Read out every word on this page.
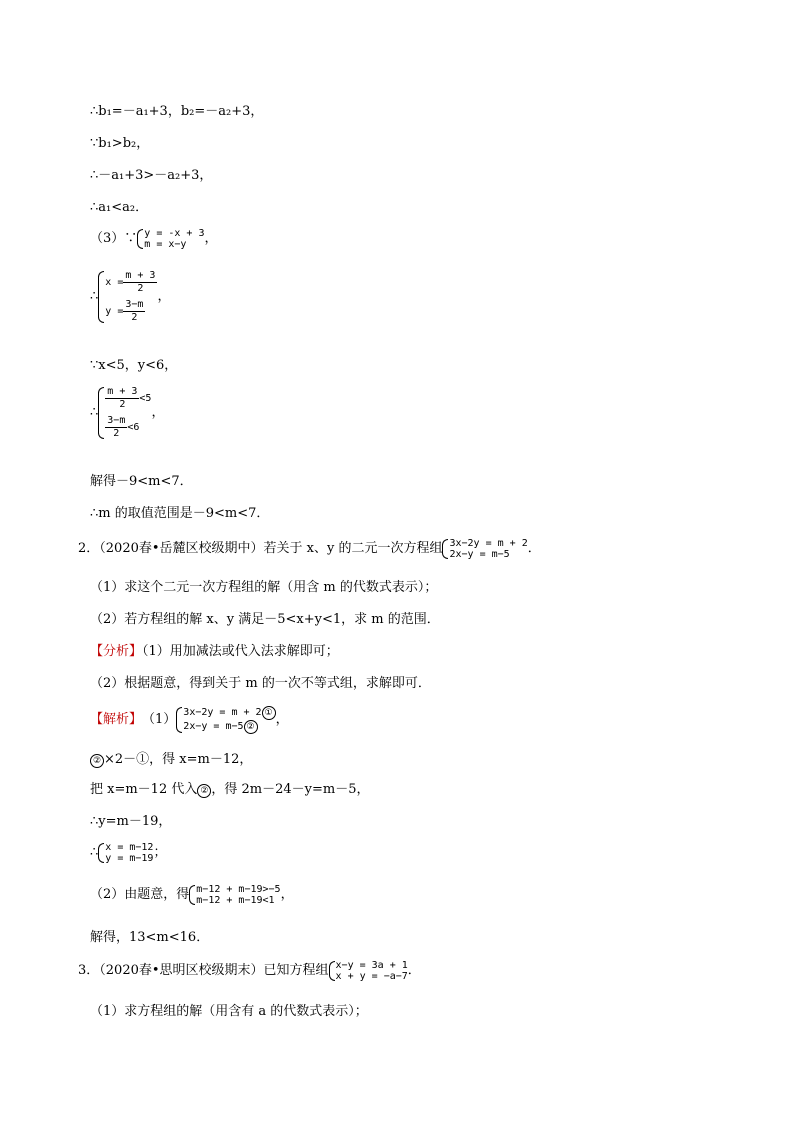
∴b₁=－a₁+3，b₂=－a₂+3，
∵b₁>b₂，
∴－a₁+3>－a₂+3，
∴a₁<a₂．
（3）∵ y = -x + 3
m = x−y	，
∴
$x = \frac{m + 3}{2}$
$y = \frac{3-m}{2}$
，
∵x<5，y<6，
∴
$\frac{m + 3}{2} <5$
$\frac{3-m}{2} <6$
，
解得－9<m<7．
∴m 的取值范围是－9<m<7．
2．（2020春•岳麓区校级期中）若关于 x、y 的二元一次方程组 3x−2y = m + 2
2x−y = m−5	．
（1）求这个二元一次方程组的解（用含 m 的代数式表示）；
（2）若方程组的解 x、y 满足－5<x+y<1，求 m 的范围．
【分析】（1）用加减法或代入法求解即可；
（2）根据题意，得到关于 m 的一次不等式组，求解即可．
【解析】 （1） 3x−2y = m + 2 ①
2x−y = m−5 ②	，
② ×2－①，得 x=m－12，
把 x=m－12 代入 ② ，得 2m－24－y=m－5，
∴y=m－19，
∴ x = m−12
y = m−19 ；
（2）由题意，得 m−12 + m−19>−5
m−12 + m−19<1 ，
解得，13<m<16．
3．（2020春•思明区校级期末）已知方程组 x−y = 3a + 1
x + y = −a−7 ．
（1）求方程组的解（用含有 a 的代数式表示）；
